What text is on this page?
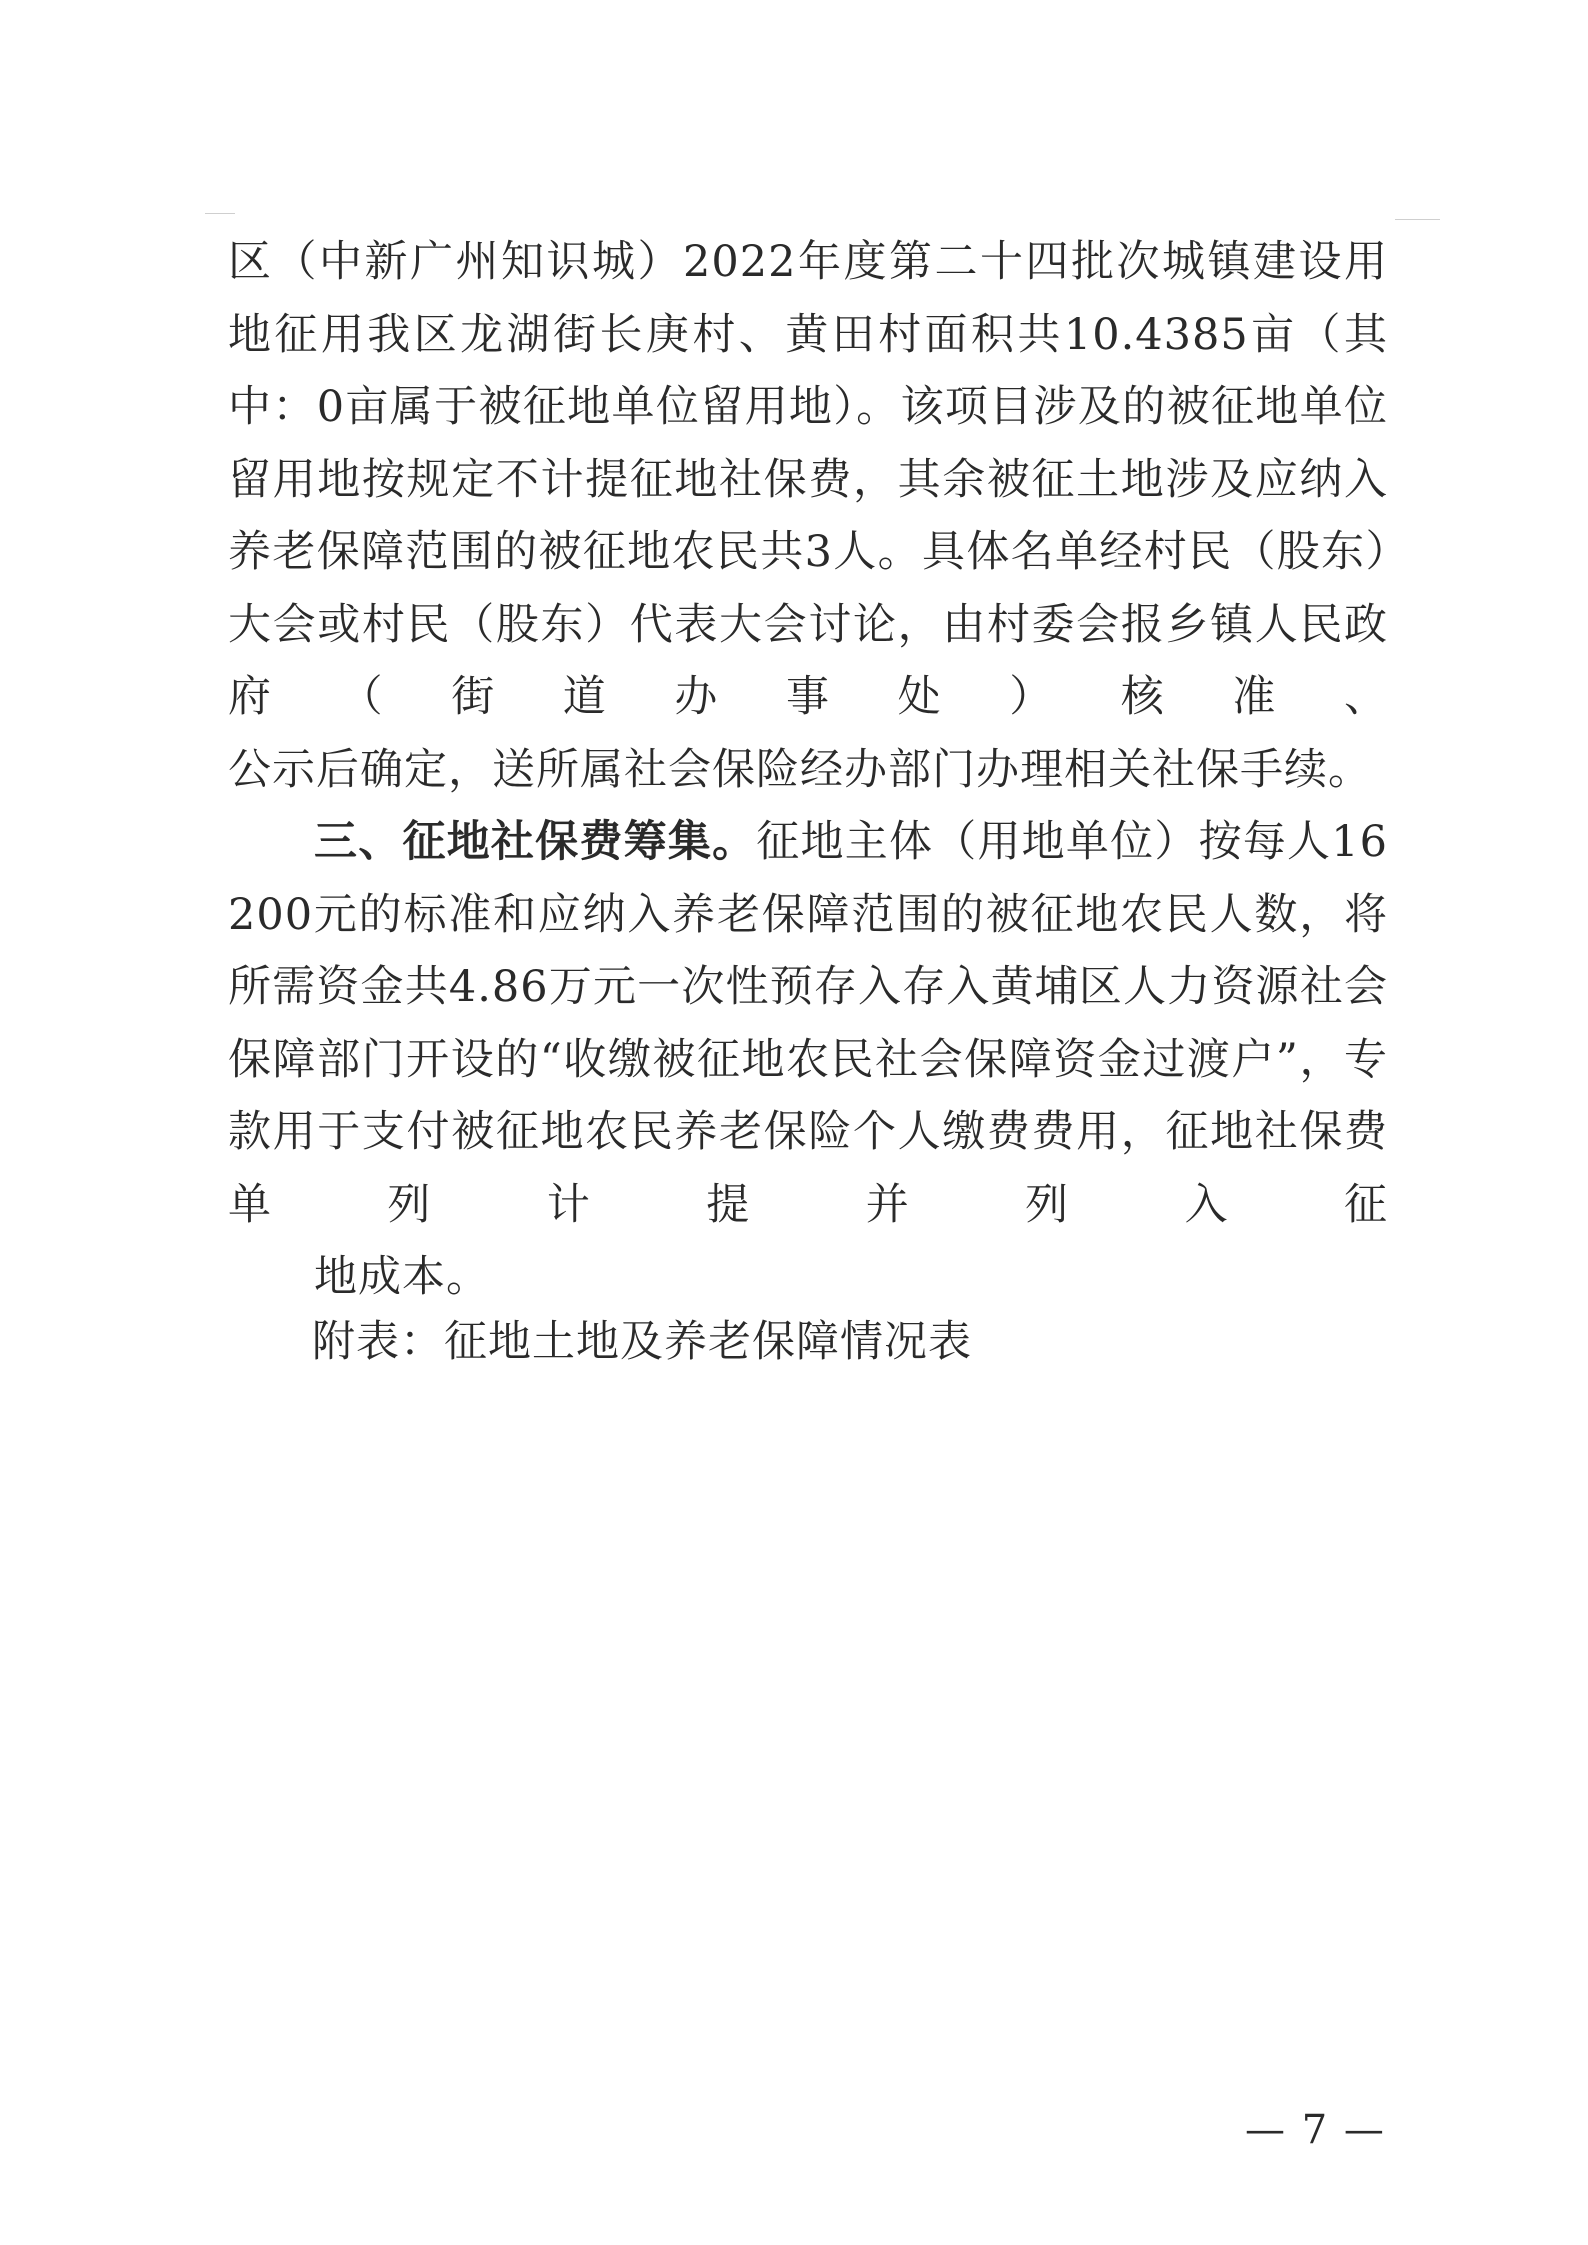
区（中新广州知识城）2022年度第二十四批次城镇建设用地征用我区龙湖街长庚村、黄田村面积共10.4385亩（其中：0亩属于被征地单位留用地）。该项目涉及的被征地单位留用地按规定不计提征地社保费，其余被征土地涉及应纳入养老保障范围的被征地农民共3人。具体名单经村民（股东）大会或村民（股东）代表大会讨论，由村委会报乡镇人民政府（街道办事处）核准、
公示后确定，送所属社会保险经办部门办理相关社保手续。

三、征地社保费筹集。征地主体（用地单位）按每人16200元的标准和应纳入养老保障范围的被征地农民人数，将所需资金共4.86万元一次性预存入存入黄埔区人力资源社会保障部门开设的“收缴被征地农民社会保障资金过渡户”，专款用于支付被征地农民养老保险个人缴费费用，征地社保费单列计提并列入征
地成本。

附表：征地土地及养老保障情况表
— 7 —
